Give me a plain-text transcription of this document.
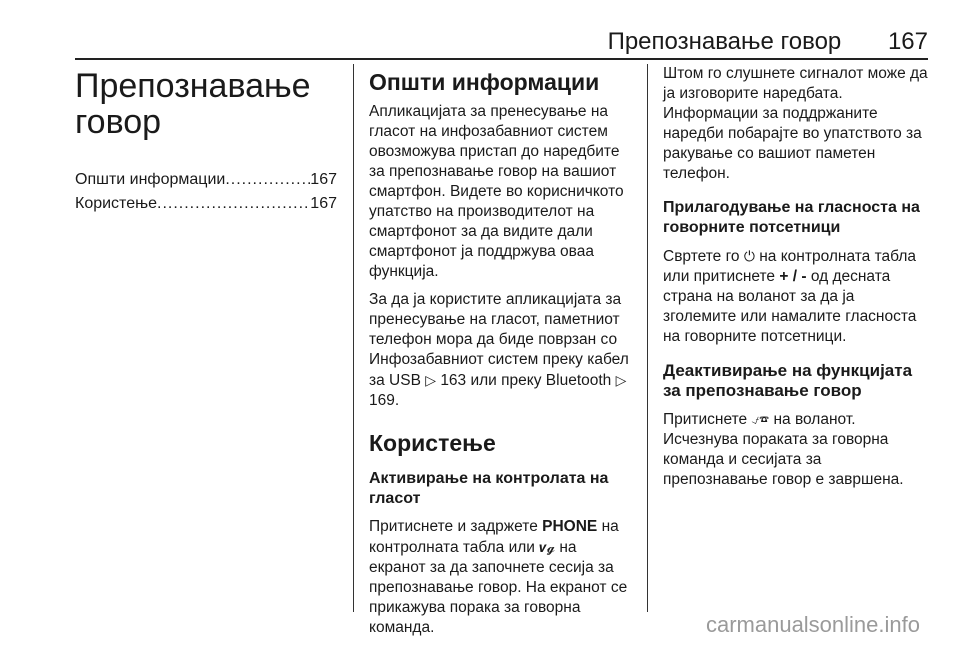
Препознавање говор 167
Препознавање говор
Општи информации .....	167
Користење .....	167
Општи информации

Апликацијата за пренесување на гласот на инфозабавниот систем овозможува пристап до наредбите за препознавање говор на вашиот смартфон. Видете во корисничкото упатство на производителот на смартфонот за да видите дали смартфонот ја поддржува оваа функција.

За да ја користите апликацијата за пренесување на гласот, паметниот телефон мора да биде поврзан со Инфозабавниот систем преку кабел за USB ▷ 163 или преку Bluetooth ▷ 169.

Користење
Активирање на контролата на гласот

Притиснете и задржете PHONE на контролната табла или 𝒗𝓰 на екранот за да започнете сесија за препознавање говор. На екранот се прикажува порака за говорна команда.

Штом го слушнете сигналот може да ја изговорите наредбата. Информации за поддржаните наредби побарајте во упатството за ракување со вашиот паметен телефон.

Прилагодување на гласноста на говорните потсетници

Свртете го ⏻ на контролната табла или притиснете + / - од десната страна на воланот за да ја зголемите или намалите гласноста на говорните потсетници.

Деактивирање на функцијата за препознавање говор

Притиснете ⍻☎ на воланот. Исчезнува пораката за говорна команда и сесијата за препознавање говор е завршена.

carmanualsonline.info
